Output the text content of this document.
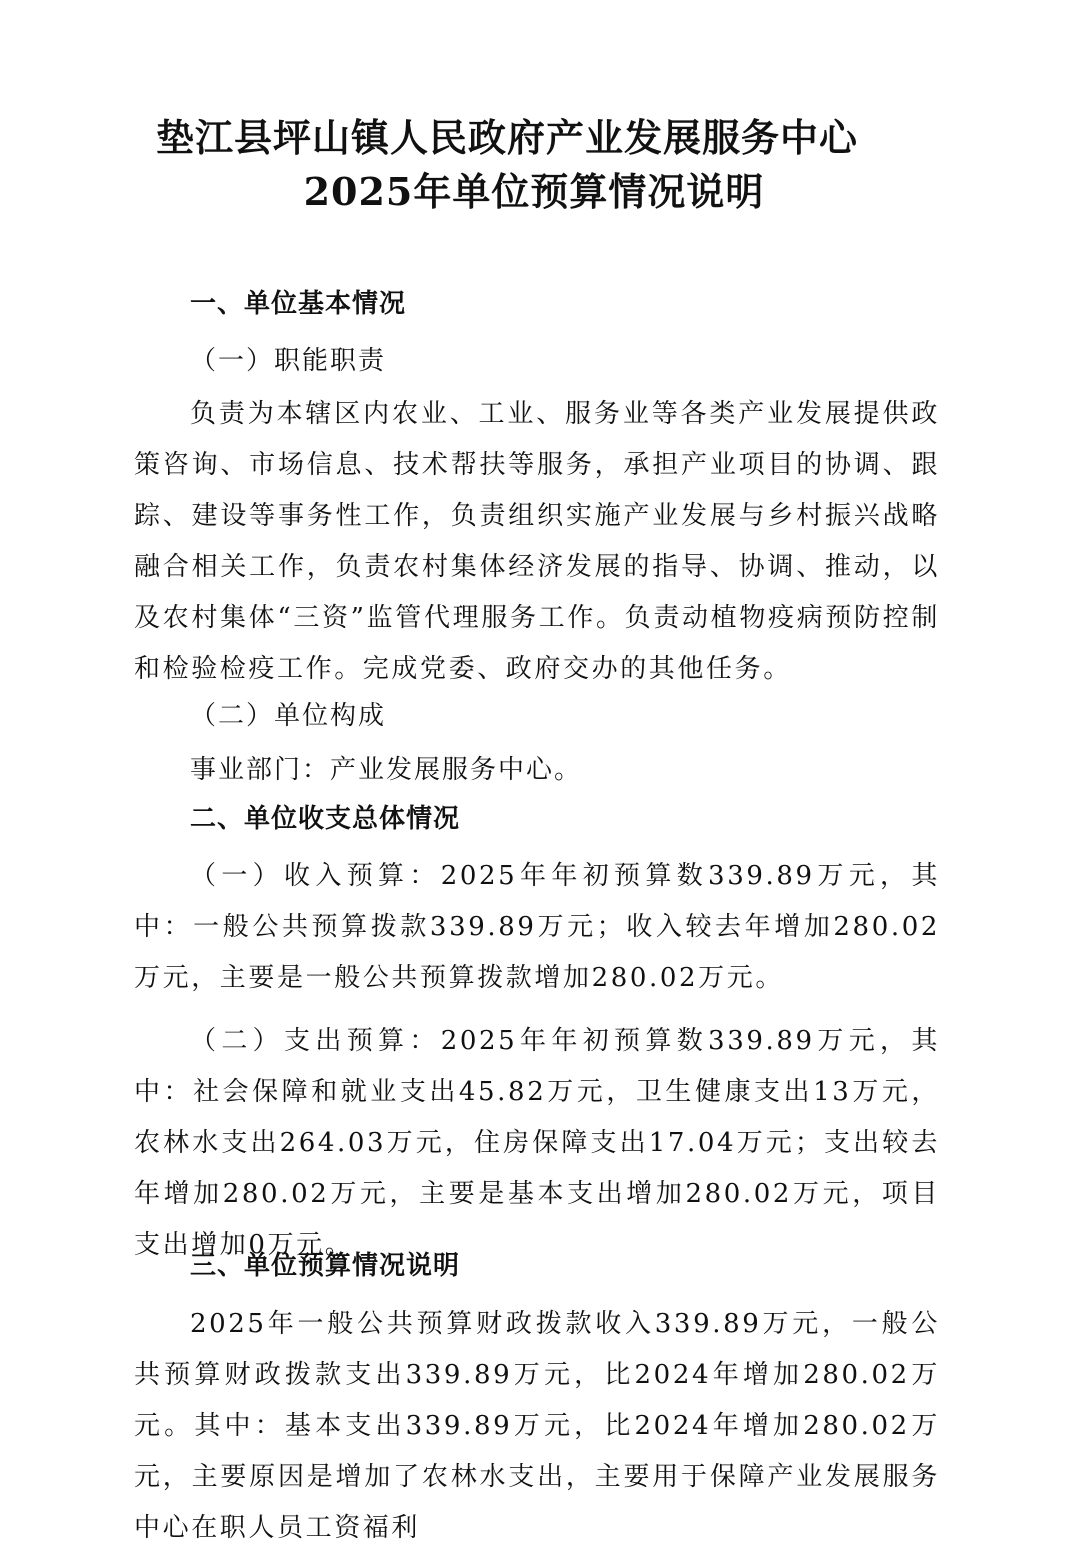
垫江县坪山镇人民政府产业发展服务中心
2025年单位预算情况说明
一、单位基本情况
（一）职能职责

负责为本辖区内农业、工业、服务业等各类产业发展提供政策咨询、市场信息、技术帮扶等服务，承担产业项目的协调、跟踪、建设等事务性工作，负责组织实施产业发展与乡村振兴战略融合相关工作，负责农村集体经济发展的指导、协调、推动，以及农村集体“三资”监管代理服务工作。负责动植物疫病预防控制和检验检疫工作。完成党委、政府交办的其他任务。

（二）单位构成
事业部门：产业发展服务中心。
二、单位收支总体情况

（一）收入预算：2025年年初预算数339.89万元，其中：一般公共预算拨款339.89万元；收入较去年增加280.02万元，主要是一般公共预算拨款增加280.02万元。

（二）支出预算：2025年年初预算数339.89万元，其中：社会保障和就业支出45.82万元，卫生健康支出13万元，农林水支出264.03万元，住房保障支出17.04万元；支出较去年增加280.02万元，主要是基本支出增加280.02万元，项目支出增加0万元。

三、单位预算情况说明

2025年一般公共预算财政拨款收入339.89万元，一般公共预算财政拨款支出339.89万元，比2024年增加280.02万元。其中：基本支出339.89万元，比2024年增加280.02万元，主要原因是增加了农林水支出，主要用于保障产业发展服务中心在职人员工资福利
